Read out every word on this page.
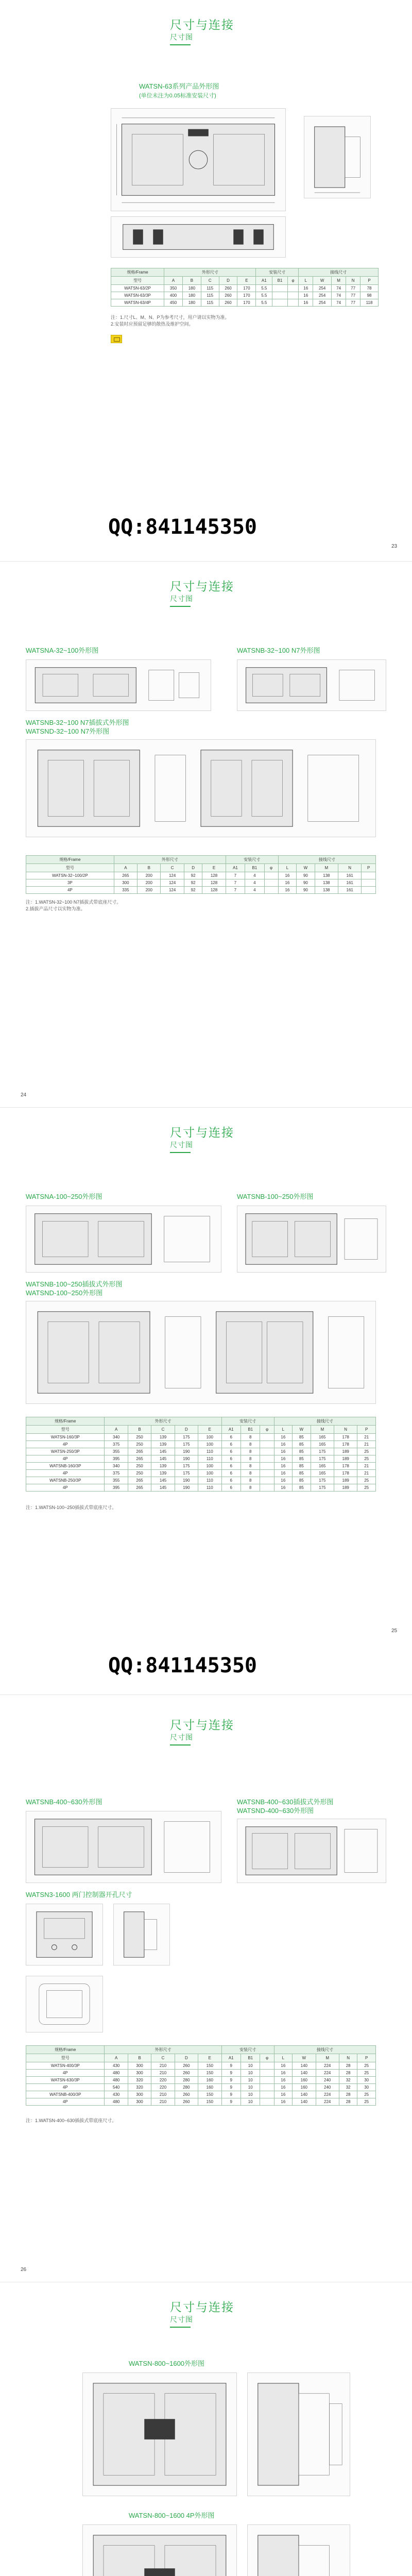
尺寸与连接
尺寸图
WATSN-63系列产品外形图
(单位未注为0.05标准安装尺寸)
规格/Frame	外形尺寸					安装尺寸			接线尺寸				
型号	A	B	C	D	E	A1	B1	φ	L	W	M	N	P
WATSN-63/2P	350	180	115	260	170	5.5			16	254	74	77	78
WATSN-63/3P	400	180	115	260	170	5.5			16	254	74	77	98
WATSN-63/4P	450	180	115	260	170	5.5			16	254	74	77	118
注：1.尺寸L、M、N、P为参考尺寸，用户请以实物为准。
2.安装时应预留足够的散热及维护空间。
QQ:841145350
23
尺寸与连接
尺寸图
WATSNA-32~100外形图	WATSNB-32~100 N7外形图
WATSNB-32~100 N7插拔式外形图
WATSND-32~100 N7外形图
规格/Frame	外形尺寸					安装尺寸			接线尺寸				
型号	A	B	C	D	E	A1	B1	φ	L	W	M	N	P
WATSN-32~100/2P	265	200	124	92	128	7	4		16	90	138	161	
3P	300	200	124	92	128	7	4		16	90	138	161	
4P	335	200	124	92	128	7	4		16	90	138	161	
注：1.WATSN-32~100 N7插拔式带底座尺寸。
2.插拔产品尺寸以实物为准。
24
尺寸与连接
尺寸图
WATSNA-100~250外形图	WATSNB-100~250外形图
WATSNB-100~250插拔式外形图
WATSND-100~250外形图
规格/Frame	外形尺寸					安装尺寸			接线尺寸				
型号	A	B	C	D	E	A1	B1	φ	L	W	M	N	P
WATSN-160/3P	340	250	139	175	100	6	8		16	85	165	178	21
4P	375	250	139	175	100	6	8		16	85	165	178	21
WATSN-250/3P	355	265	145	190	110	6	8		16	85	175	189	25
4P	395	265	145	190	110	6	8		16	85	175	189	25
WATSNB-160/3P	340	250	139	175	100	6	8		16	85	165	178	21
4P	375	250	139	175	100	6	8		16	85	165	178	21
WATSNB-250/3P	355	265	145	190	110	6	8		16	85	175	189	25
4P	395	265	145	190	110	6	8		16	85	175	189	25
注：1.WATSN-100~250插拔式带底座尺寸。
25
QQ:841145350
尺寸与连接
尺寸图
WATSNB-400~630外形图	WATSNB-400~630插拔式外形图
WATSND-400~630外形图
WATSN3-1600 两门控制器开孔尺寸
规格/Frame	外形尺寸					安装尺寸			接线尺寸				
型号	A	B	C	D	E	A1	B1	φ	L	W	M	N	P
WATSN-400/3P	430	300	210	260	150	9	10		16	140	224	28	25
4P	480	300	210	260	150	9	10		16	140	224	28	25
WATSN-630/3P	480	320	220	280	160	9	10		16	160	240	32	30
4P	540	320	220	280	160	9	10		16	160	240	32	30
WATSNB-400/3P	430	300	210	260	150	9	10		16	140	224	28	25
4P	480	300	210	260	150	9	10		16	140	224	28	25
注：1.WATSN-400~630插拔式带底座尺寸。
26
尺寸与连接
尺寸图
WATSN-800~1600外形图
WATSN-800~1600 4P外形图
